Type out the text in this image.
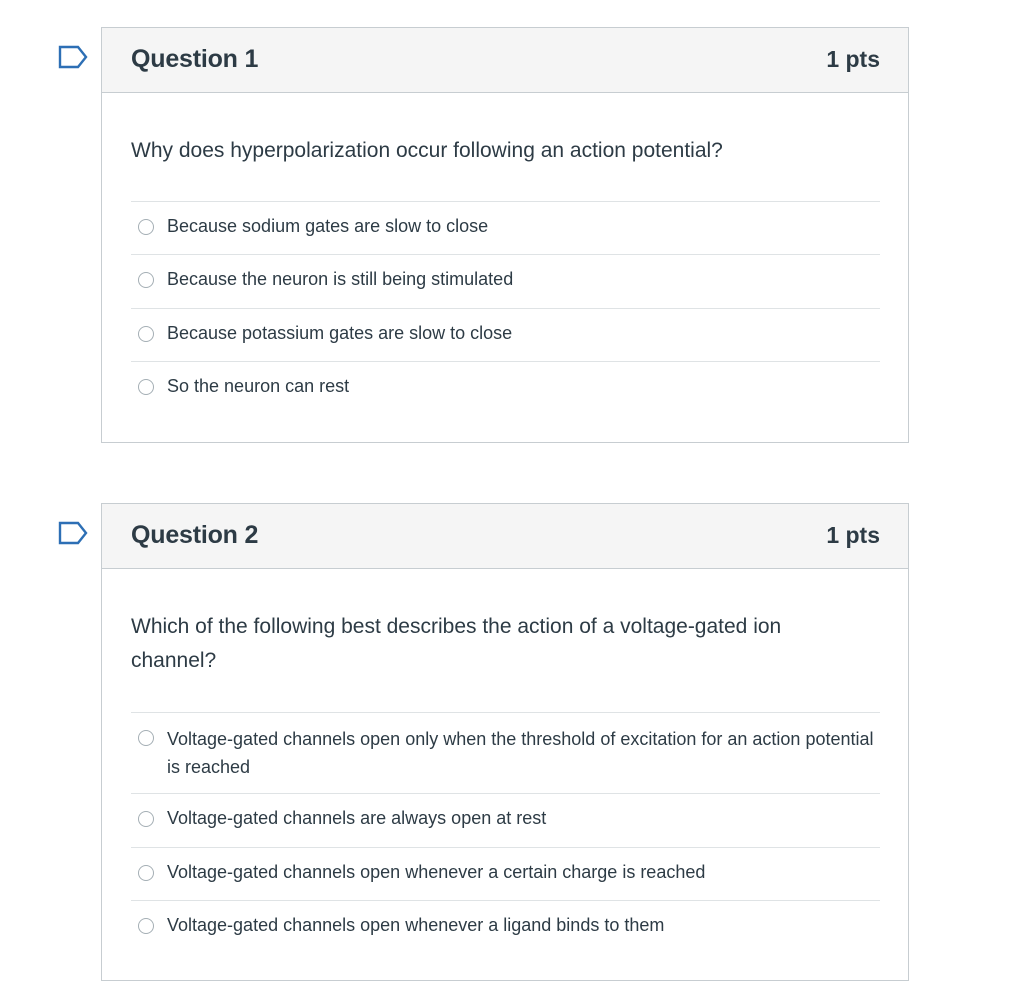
Question 1	1 pts

Why does hyperpolarization occur following an action potential?

Because sodium gates are slow to close
Because the neuron is still being stimulated
Because potassium gates are slow to close
So the neuron can rest
Question 2	1 pts

Which of the following best describes the action of a voltage-gated ion channel?

Voltage-gated channels open only when the threshold of excitation for an action potential is reached
Voltage-gated channels are always open at rest
Voltage-gated channels open whenever a certain charge is reached
Voltage-gated channels open whenever a ligand binds to them
